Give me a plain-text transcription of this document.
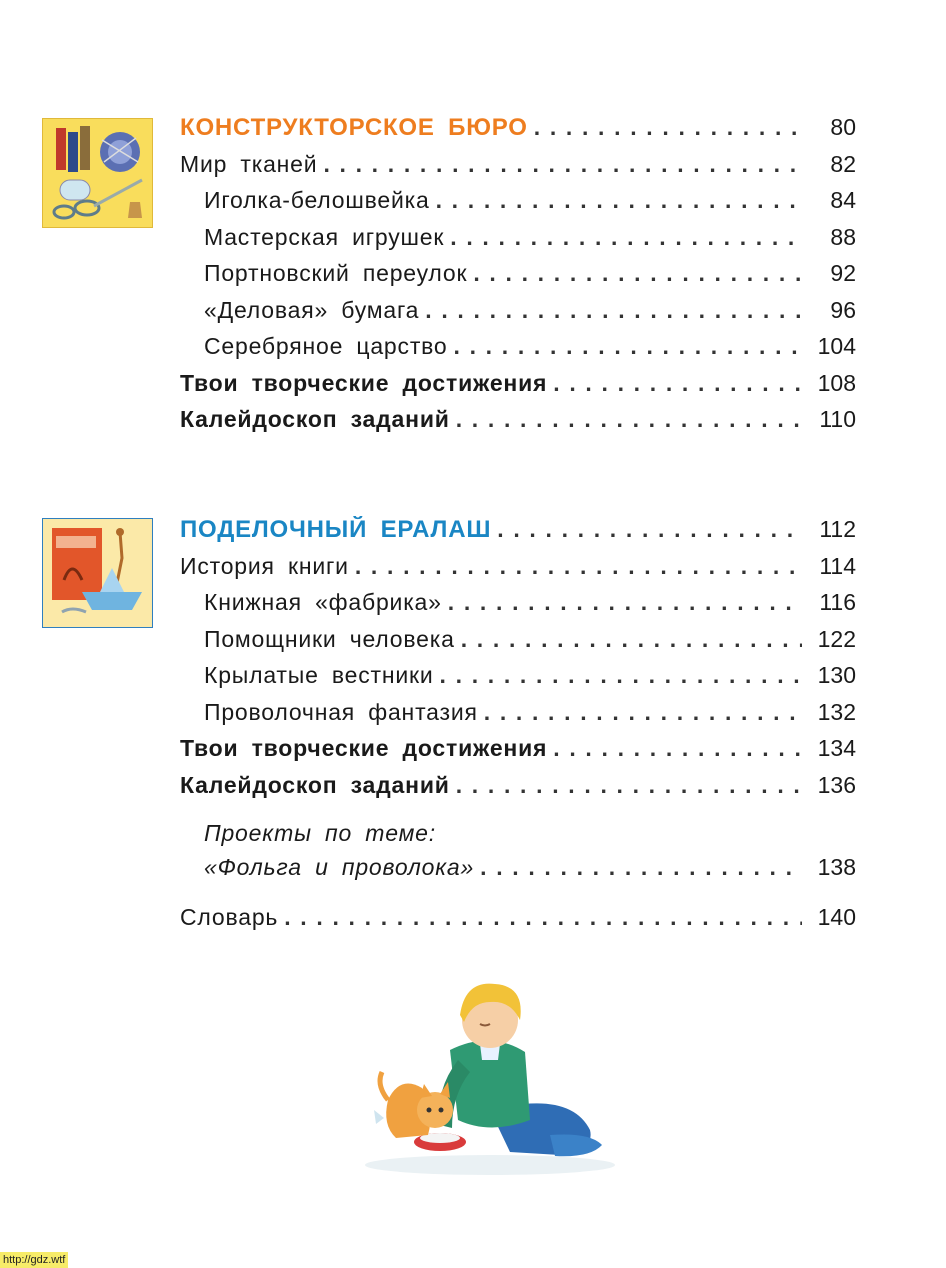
КОНСТРУКТОРСКОЕ БЮРО . . .	80
Мир тканей . . .	82
Иголка-белошвейка . . .	84
Мастерская игрушек . . .	88
Портновский переулок . . .	92
«Деловая» бумага . . .	96
Серебряное царство . . .	104
Твои творческие достижения . . .	108
Калейдоскоп заданий . . .	110
ПОДЕЛОЧНЫЙ ЕРАЛАШ . . .	112
История книги . . .	114
Книжная «фабрика» . . .	116
Помощники человека . . .	122
Крылатые вестники . . .	130
Проволочная фантазия . . .	132
Твои творческие достижения . . .	134
Калейдоскоп заданий . . .	136
Проекты по теме:
«Фольга и проволока» . . .	138
Словарь . . .	140
http://gdz.wtf
